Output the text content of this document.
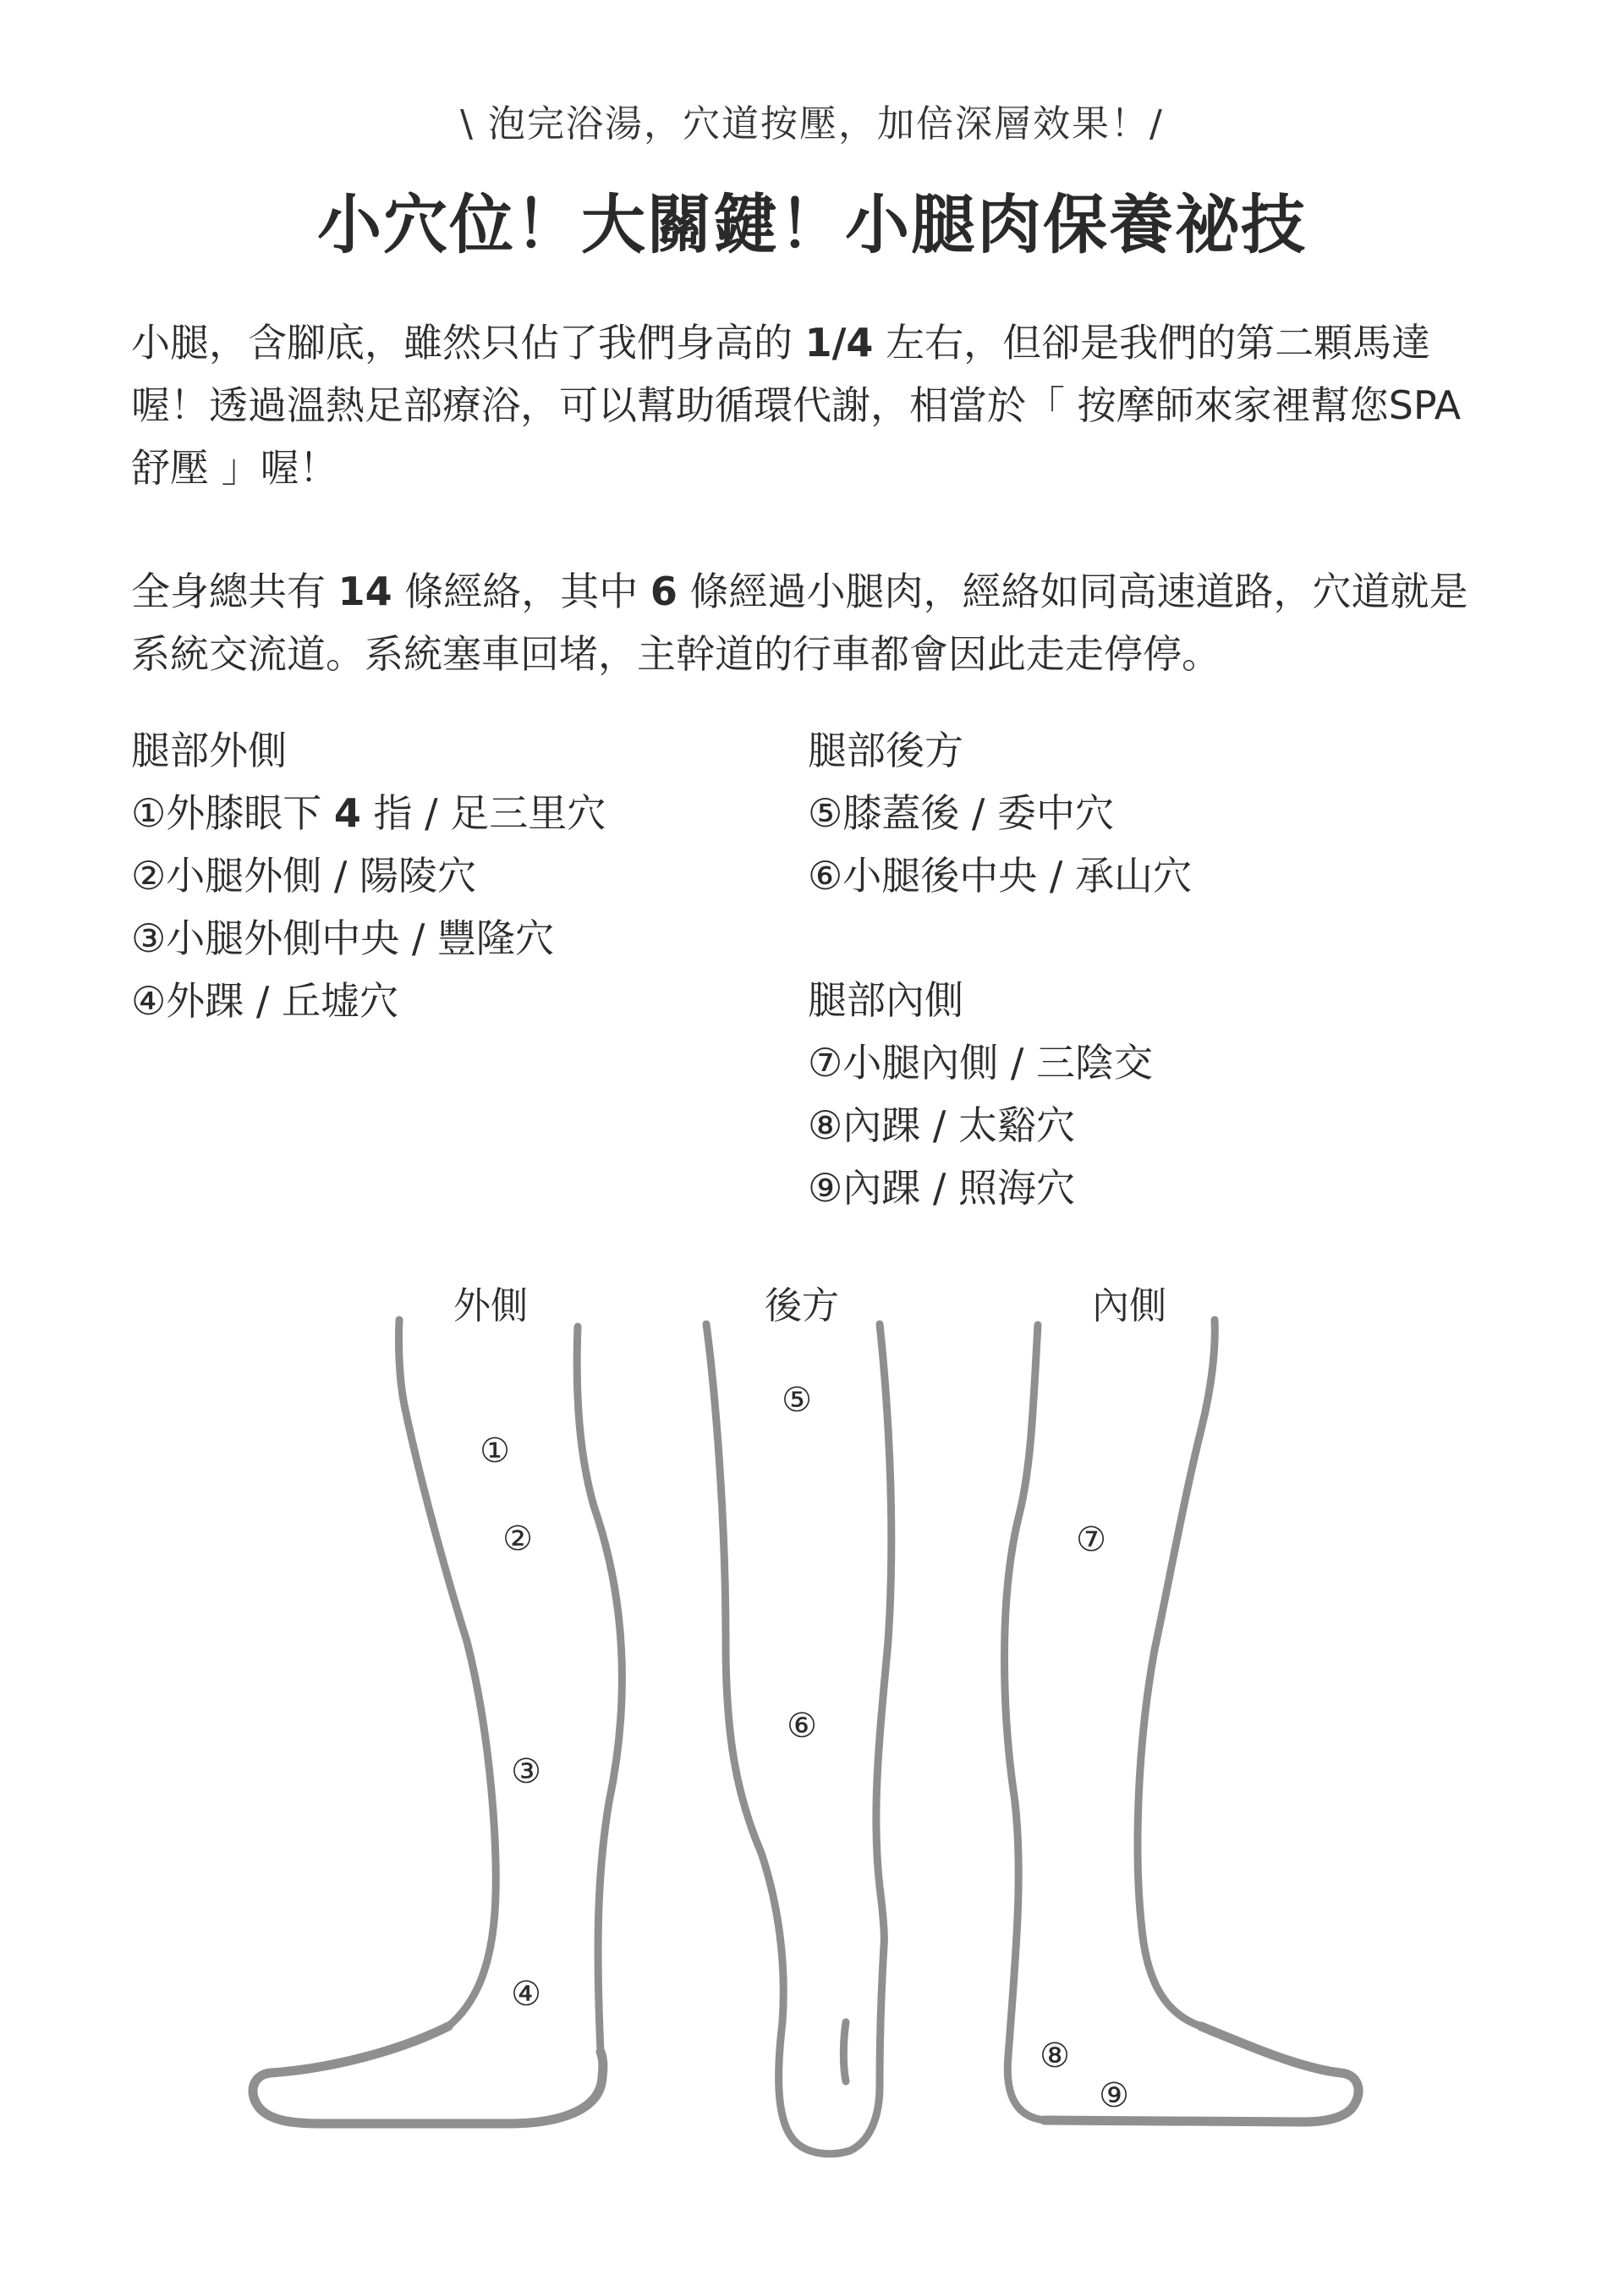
\ 泡完浴湯，穴道按壓，加倍深層效果！/
小穴位！大關鍵！小腿肉保養祕技

小腿，含腳底，雖然只佔了我們身高的 1/4 左右，但卻是我們的第二顆馬達喔！透過溫熱足部療浴，可以幫助循環代謝，相當於「 按摩師來家裡幫您SPA舒壓 」喔！

全身總共有 14 條經絡，其中 6 條經過小腿肉，經絡如同高速道路，穴道就是系統交流道。系統塞車回堵，主幹道的行車都會因此走走停停。

腿部外側
①外膝眼下 4 指 / 足三里穴
②小腿外側 / 陽陵穴
③小腿外側中央 / 豐隆穴
④外踝 / 丘墟穴
腿部後方
⑤膝蓋後 / 委中穴
⑥小腿後中央 / 承山穴
腿部內側
⑦小腿內側 / 三陰交
⑧內踝 / 太谿穴
⑨內踝 / 照海穴
外側	後方	內側
①
②
③
④
⑤
⑥
⑦
⑧
⑨
